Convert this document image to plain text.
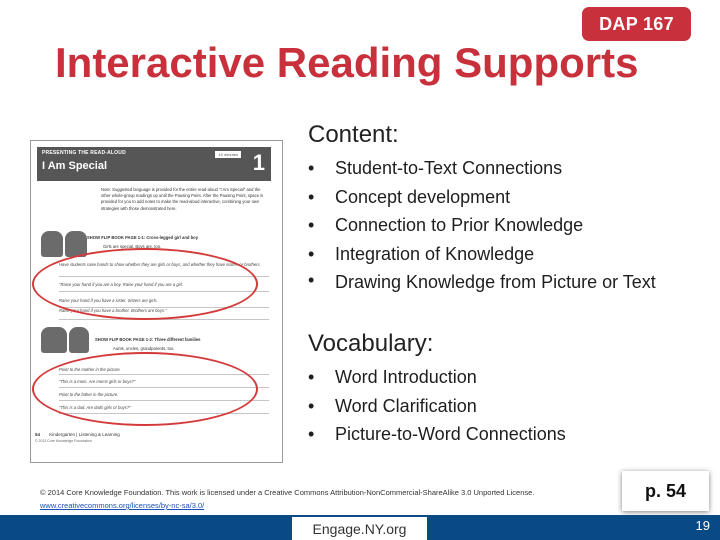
DAP 167
Interactive Reading Supports
PRESENTING THE READ-ALOUD
I Am Special
10 minutes 1
Note: Suggested language is provided for the entire read-aloud "I Am Special" and the other whole-group readings up until the Pausing Point. After the Pausing Point, space is provided for you to add notes to make the read-aloud interactive, combining your own strategies with those demonstrated here.
SHOW FLIP BOOK PAGE 1-1: Cross-legged girl and boy
Girls are special. Boys are, too.
Have students raise hands to show whether they are girls or boys, and whether they have sisters or brothers.
"Raise your hand if you are a boy. Raise your hand if you are a girl.
Raise your hand if you have a sister. Sisters are girls.
Raise your hand if you have a brother. Brothers are boys."
SHOW FLIP BOOK PAGE 1-2: Three different families
Aunts, uncles, grandparents, too.
Point to the mother in the picture.
"This is a mom. Are moms girls or boys?"
Point to the father in the picture.
"This is a dad. Are dads girls or boys?"
54 Kindergarten | Listening & Learning
© 2013 Core Knowledge Foundation
Content:
• Student-to-Text Connections
• Concept development
• Connection to Prior Knowledge
• Integration of Knowledge
• Drawing Knowledge from Picture or Text
Vocabulary:
• Word Introduction
• Word Clarification
• Picture-to-Word Connections
© 2014 Core Knowledge Foundation. This work is licensed under a Creative Commons Attribution-NonCommercial-ShareAlike 3.0 Unported License.
www.creativecommons.org/licenses/by-nc-sa/3.0/
p. 54
Engage.NY.org	19
